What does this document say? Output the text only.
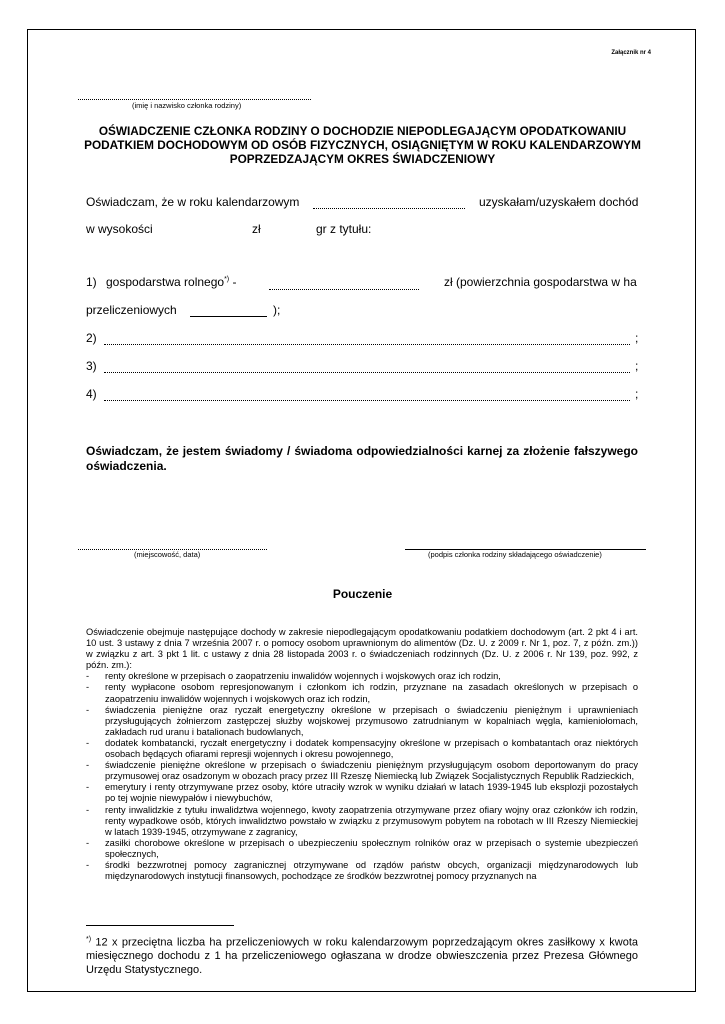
Załącznik nr 4
(imię i nazwisko członka rodziny)
OŚWIADCZENIE CZŁONKA RODZINY O DOCHODZIE NIEPODLEGAJĄCYM OPODATKOWANIU PODATKIEM DOCHODOWYM OD OSÓB FIZYCZNYCH, OSIĄGNIĘTYM W ROKU KALENDARZOWYM POPRZEDZAJĄCYM OKRES ŚWIADCZENIOWY
Oświadczam, że w roku kalendarzowym	uzyskałam/uzyskałem dochód
w wysokości	zł	gr z tytułu:
1) gospodarstwa rolnego*) -	zł (powierzchnia gospodarstwa w ha
przeliczeniowych	);
2)	;
3)	;
4)	;
Oświadczam, że jestem świadomy / świadoma odpowiedzialności karnej za złożenie fałszywego oświadczenia.
(miejscowość, data)	(podpis członka rodziny składającego oświadczenie)
Pouczenie

Oświadczenie obejmuje następujące dochody w zakresie niepodlegającym opodatkowaniu podatkiem dochodowym (art. 2 pkt 4 i art. 10 ust. 3 ustawy z dnia 7 września 2007 r. o pomocy osobom uprawnionym do alimentów (Dz. U. z 2009 r. Nr 1, poz. 7, z późn. zm.)) w związku z art. 3 pkt 1 lit. c ustawy z dnia 28 listopada 2003 r. o świadczeniach rodzinnych (Dz. U. z 2006 r. Nr 139, poz. 992, z późn. zm.):

- renty określone w przepisach o zaopatrzeniu inwalidów wojennych i wojskowych oraz ich rodzin,
- renty wypłacone osobom represjonowanym i członkom ich rodzin, przyznane na zasadach określonych w przepisach o zaopatrzeniu inwalidów wojennych i wojskowych oraz ich rodzin,
- świadczenia pieniężne oraz ryczałt energetyczny określone w przepisach o świadczeniu pieniężnym i uprawnieniach przysługujących żołnierzom zastępczej służby wojskowej przymusowo zatrudnianym w kopalniach węgla, kamieniołomach, zakładach rud uranu i batalionach budowlanych,
- dodatek kombatancki, ryczałt energetyczny i dodatek kompensacyjny określone w przepisach o kombatantach oraz niektórych osobach będących ofiarami represji wojennych i okresu powojennego,
- świadczenie pieniężne określone w przepisach o świadczeniu pieniężnym przysługującym osobom deportowanym do pracy przymusowej oraz osadzonym w obozach pracy przez III Rzeszę Niemiecką lub Związek Socjalistycznych Republik Radzieckich,
- emerytury i renty otrzymywane przez osoby, które utraciły wzrok w wyniku działań w latach 1939-1945 lub eksplozji pozostałych po tej wojnie niewypałów i niewybuchów,
- renty inwalidzkie z tytułu inwalidztwa wojennego, kwoty zaopatrzenia otrzymywane przez ofiary wojny oraz członków ich rodzin, renty wypadkowe osób, których inwalidztwo powstało w związku z przymusowym pobytem na robotach w III Rzeszy Niemieckiej w latach 1939-1945, otrzymywane z zagranicy,
- zasiłki chorobowe określone w przepisach o ubezpieczeniu społecznym rolników oraz w przepisach o systemie ubezpieczeń społecznych,
- środki bezzwrotnej pomocy zagranicznej otrzymywane od rządów państw obcych, organizacji międzynarodowych lub międzynarodowych instytucji finansowych, pochodzące ze środków bezzwrotnej pomocy przyznanych na
*) 12 x przeciętna liczba ha przeliczeniowych w roku kalendarzowym poprzedzającym okres zasiłkowy x kwota miesięcznego dochodu z 1 ha przeliczeniowego ogłaszana w drodze obwieszczenia przez Prezesa Głównego Urzędu Statystycznego.
